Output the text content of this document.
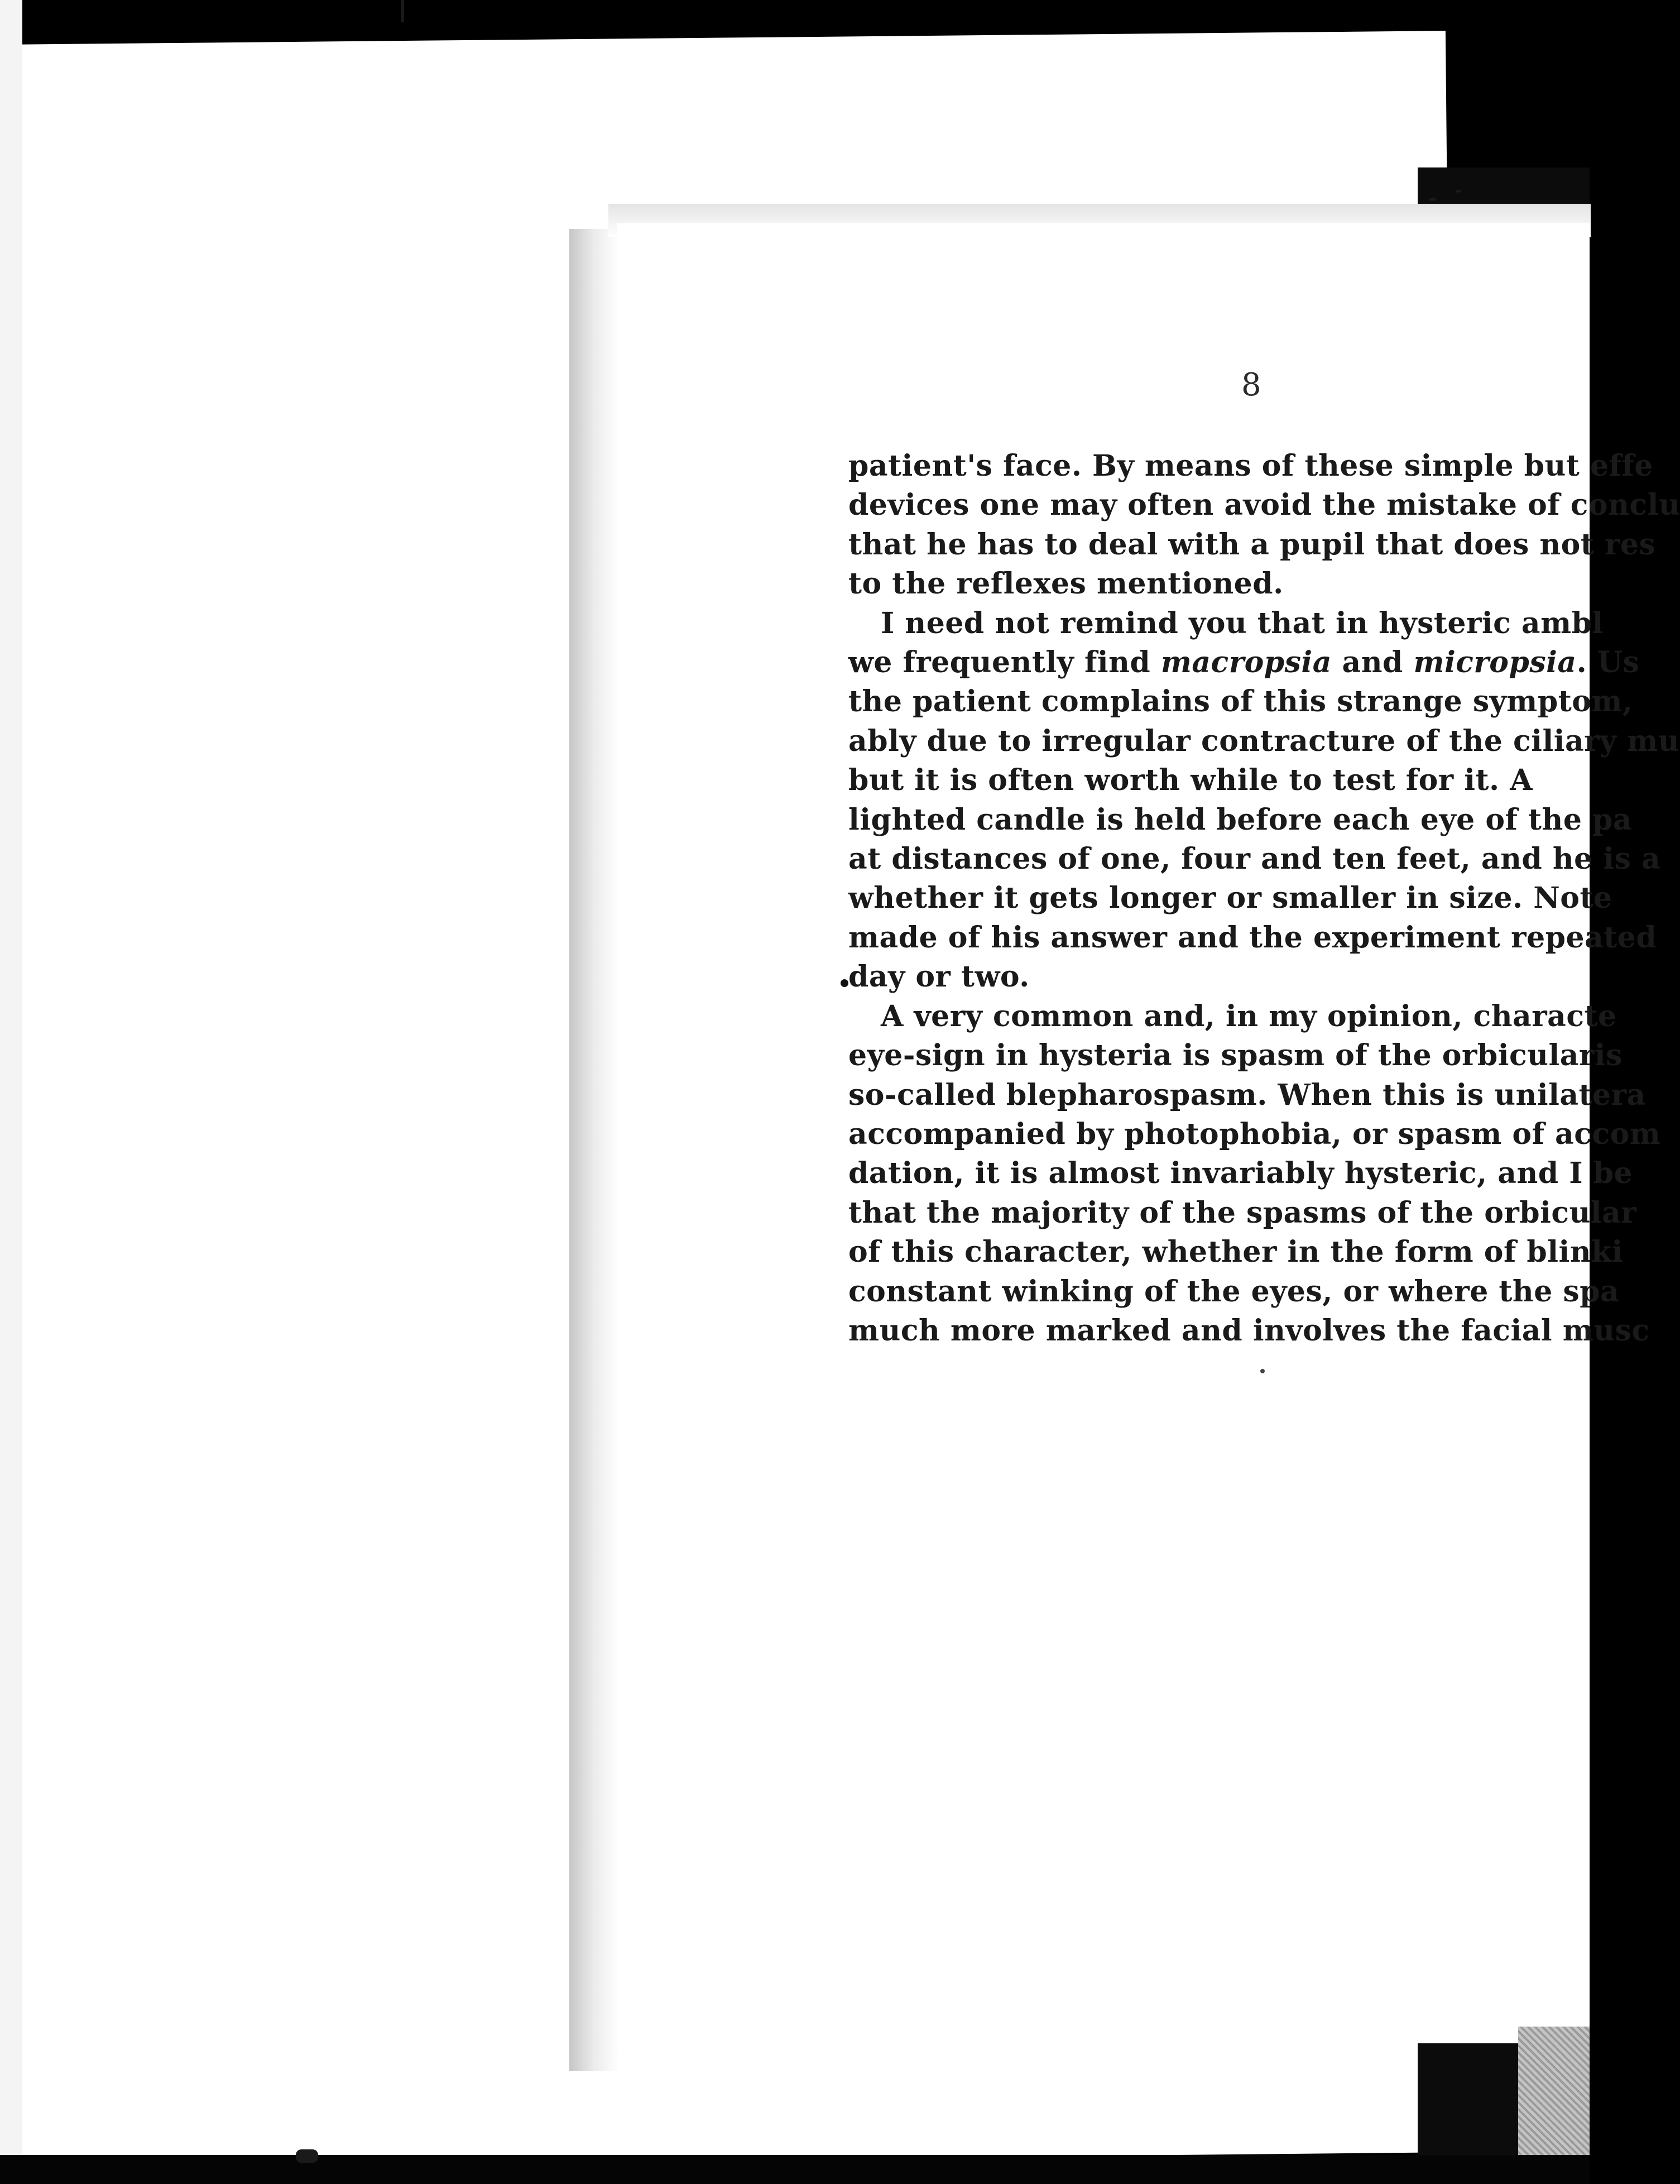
8
patient's face. By means of these simple but effe
devices one may often avoid the mistake of conclu
that he has to deal with a pupil that does not res
to the reflexes mentioned.
I need not remind you that in hysteric ambl
we frequently find macropsia and micropsia. Us
the patient complains of this strange symptom,
ably due to irregular contracture of the ciliary mu
but it is often worth while to test for it. A
lighted candle is held before each eye of the pa
at distances of one, four and ten feet, and he is a
whether it gets longer or smaller in size. Note
made of his answer and the experiment repeated
day or two.
A very common and, in my opinion, characte
eye-sign in hysteria is spasm of the orbicularis
so-called blepharospasm. When this is unilatera
accompanied by photophobia, or spasm of accom
dation, it is almost invariably hysteric, and I be
that the majority of the spasms of the orbicular
of this character, whether in the form of blinki
constant winking of the eyes, or where the spa
much more marked and involves the facial musc
